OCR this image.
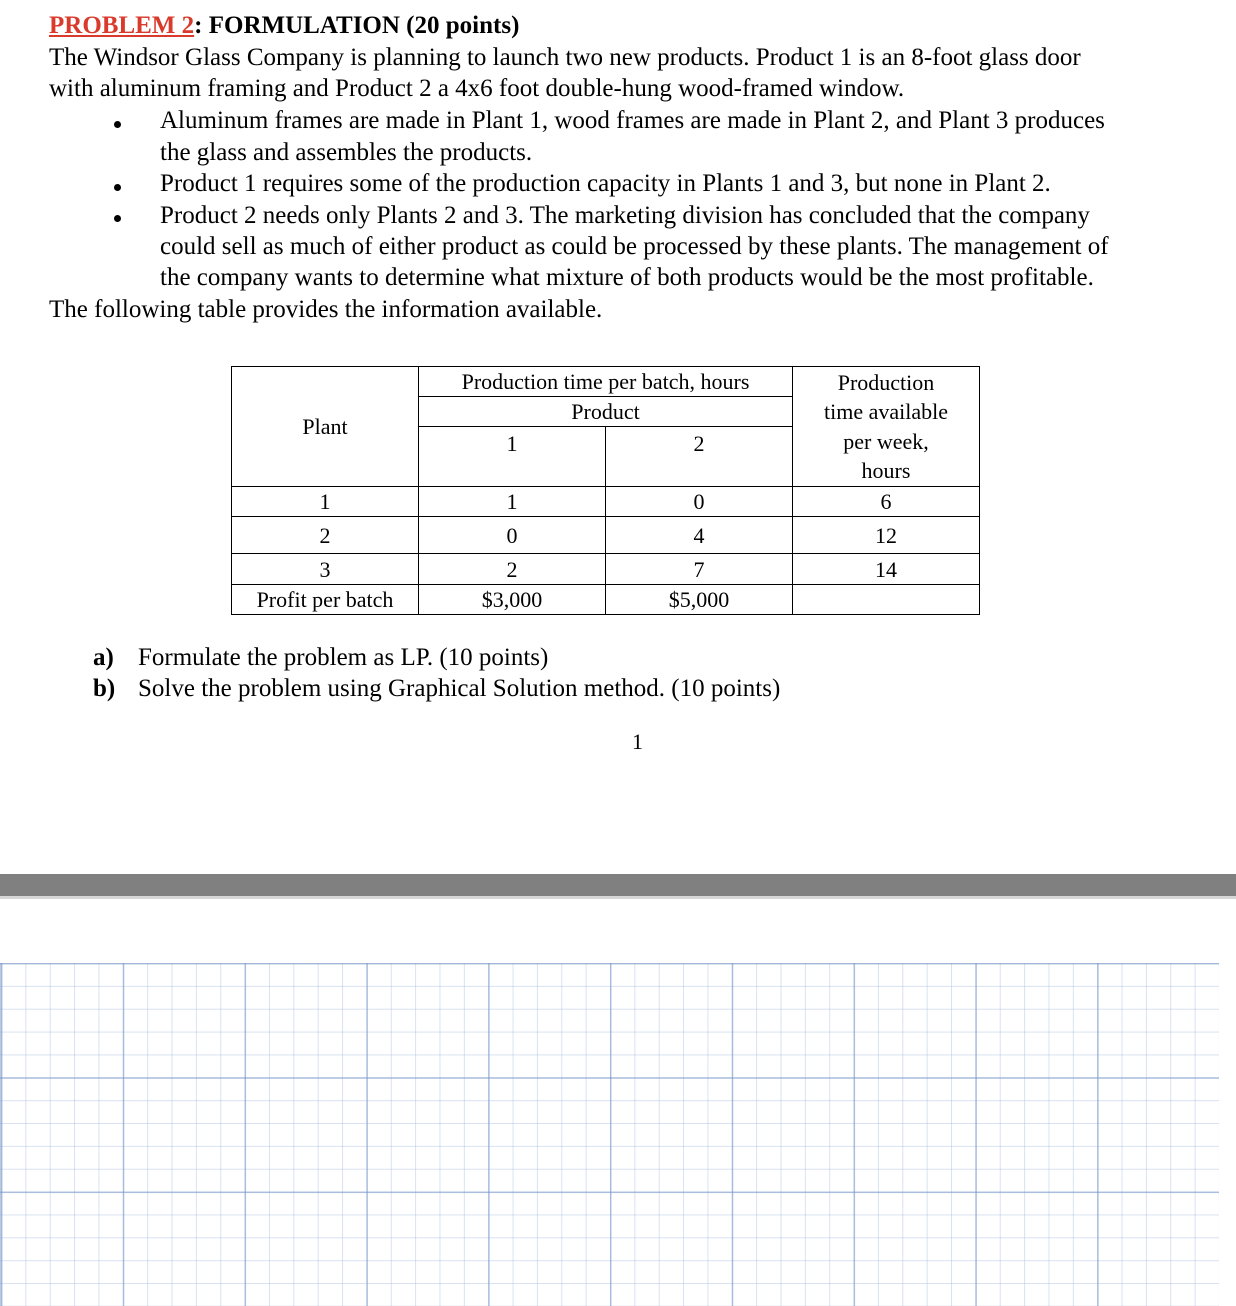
PROBLEM 2: FORMULATION (20 points)
The Windsor Glass Company is planning to launch two new products. Product 1 is an 8-foot glass door
with aluminum framing and Product 2 a 4x6 foot double-hung wood-framed window.
Aluminum frames are made in Plant 1, wood frames are made in Plant 2, and Plant 3 produces
the glass and assembles the products.
Product 1 requires some of the production capacity in Plants 1 and 3, but none in Plant 2.
Product 2 needs only Plants 2 and 3. The marketing division has concluded that the company
could sell as much of either product as could be processed by these plants. The management of
the company wants to determine what mixture of both products would be the most profitable.
The following table provides the information available.
Plant	Production time per batch, hours		Production
time available
per week,
hours

	Product		
	1	2	
1	1	0	6
2	0	4	12
3	2	7	14
Profit per batch	$3,000	$5,000	
a) Formulate the problem as LP. (10 points)
b) Solve the problem using Graphical Solution method. (10 points)
1
